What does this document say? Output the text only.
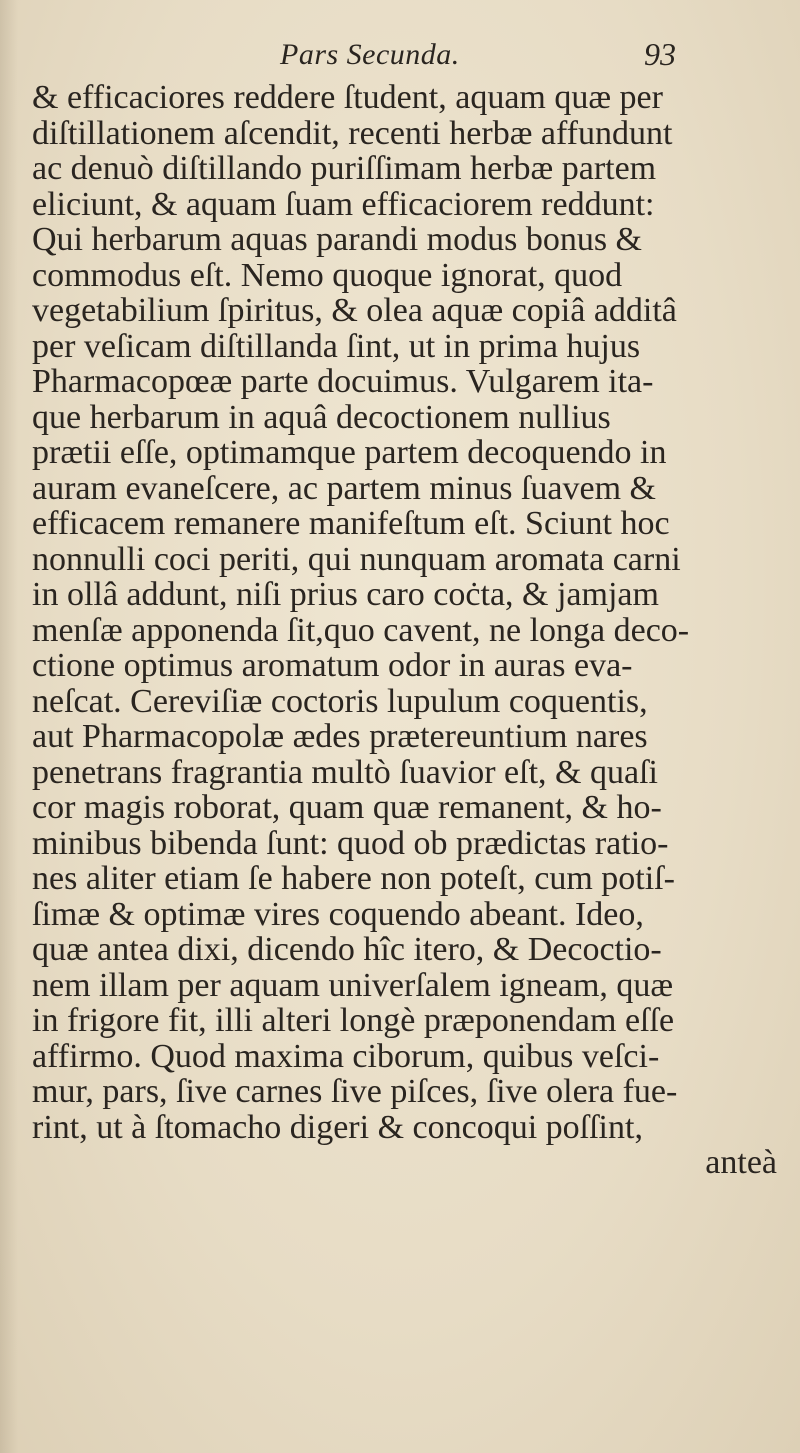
Pars Secunda.	93
& efficaciores reddere ſtudent, aquam quæ per
diſtillationem aſcendit, recenti herbæ affundunt
ac denuò diſtillando puriſſimam herbæ partem
eliciunt, & aquam ſuam efficaciorem reddunt:
Qui herbarum aquas parandi modus bonus &
commodus eſt. Nemo quoque ignorat, quod
vegetabilium ſpiritus, & olea aquæ copiâ additâ
per veſicam diſtillanda ſint, ut in prima hujus
Pharmacopœæ parte docuimus. Vulgarem ita-
que herbarum in aquâ decoctionem nullius
prætii eſſe, optimamque partem decoquendo in
auram evaneſcere, ac partem minus ſuavem &
efficacem remanere manifeſtum eſt. Sciunt hoc
nonnulli coci periti, qui nunquam aromata carni
in ollâ addunt, niſi prius caro coċta, & jamjam
menſæ apponenda ſit,quo cavent, ne longa deco-
ctione optimus aromatum odor in auras eva-
neſcat. Cereviſiæ coctoris lupulum coquentis,
aut Pharmacopolæ ædes prætereuntium nares
penetrans fragrantia multò ſuavior eſt, & quaſi
cor magis roborat, quam quæ remanent, & ho-
minibus bibenda ſunt: quod ob prædictas ratio-
nes aliter etiam ſe habere non poteſt, cum potiſ-
ſimæ & optimæ vires coquendo abeant. Ideo,
quæ antea dixi, dicendo hîc itero, & Decoctio-
nem illam per aquam univerſalem igneam, quæ
in frigore fit, illi alteri longè præponendam eſſe
affirmo. Quod maxima ciborum, quibus veſci-
mur, pars, ſive carnes ſive piſces, ſive olera fue-
rint, ut à ſtomacho digeri & concoqui poſſint,
anteà
